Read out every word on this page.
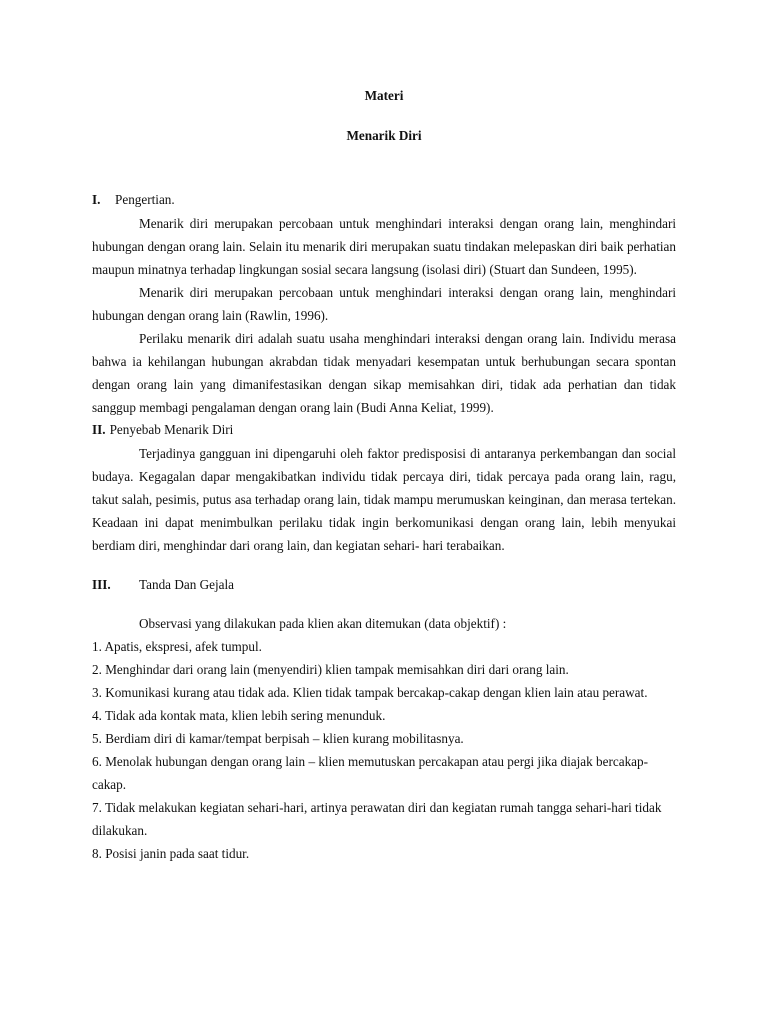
Materi

Menarik Diri

I.	Pengertian.

Menarik diri merupakan percobaan untuk menghindari interaksi dengan orang lain, menghindari hubungan dengan orang lain. Selain itu menarik diri merupakan suatu tindakan melepaskan diri baik perhatian maupun minatnya terhadap lingkungan sosial secara langsung (isolasi diri) (Stuart dan Sundeen, 1995).

Menarik diri merupakan percobaan untuk menghindari interaksi dengan orang lain, menghindari hubungan dengan orang lain (Rawlin, 1996).

Perilaku menarik diri adalah suatu usaha menghindari interaksi dengan orang lain. Individu merasa bahwa ia kehilangan hubungan akrabdan tidak menyadari kesempatan untuk berhubungan secara spontan dengan orang lain yang dimanifestasikan dengan sikap memisahkan diri, tidak ada perhatian dan tidak sanggup membagi pengalaman dengan orang lain (Budi Anna Keliat, 1999).

II. Penyebab Menarik Diri

Terjadinya gangguan ini dipengaruhi oleh faktor predisposisi di antaranya perkembangan dan social budaya. Kegagalan dapar mengakibatkan individu tidak percaya diri, tidak percaya pada orang lain, ragu, takut salah, pesimis, putus asa terhadap orang lain, tidak mampu merumuskan keinginan, dan merasa tertekan. Keadaan ini dapat menimbulkan perilaku tidak ingin berkomunikasi dengan orang lain, lebih menyukai berdiam diri, menghindar dari orang lain, dan kegiatan sehari- hari terabaikan.

III.	Tanda Dan Gejala

Observasi yang dilakukan pada klien akan ditemukan (data objektif) :

1. Apatis, ekspresi, afek tumpul.

2. Menghindar dari orang lain (menyendiri) klien tampak memisahkan diri dari orang lain.

3. Komunikasi kurang atau tidak ada. Klien tidak tampak bercakap-cakap dengan klien lain atau perawat.

4. Tidak ada kontak mata, klien lebih sering menunduk.

5. Berdiam diri di kamar/tempat berpisah – klien kurang mobilitasnya.

6. Menolak hubungan dengan orang lain – klien memutuskan percakapan atau pergi jika diajak bercakap-cakap.

7. Tidak melakukan kegiatan sehari-hari, artinya perawatan diri dan kegiatan rumah tangga sehari-hari tidak dilakukan.

8. Posisi janin pada saat tidur.
